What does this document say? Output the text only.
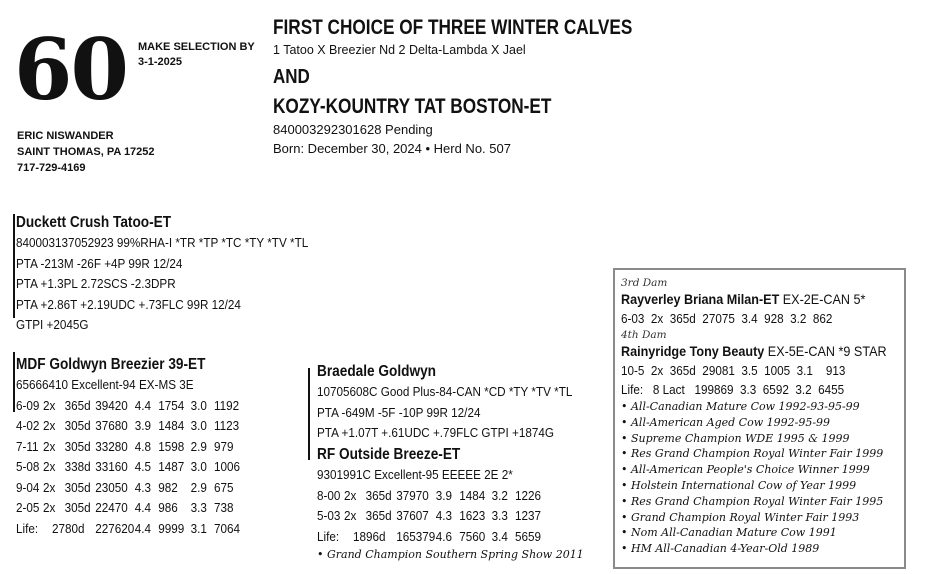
60 MAKE SELECTION BY
3-1-2025
ERIC NISWANDER
SAINT THOMAS, PA 17252
717-729-4169
FIRST CHOICE OF THREE WINTER CALVES
1 Tatoo X Breezier Nd 2 Delta-Lambda X Jael
AND
KOZY-KOUNTRY TAT BOSTON-ET
840003292301628 Pending
Born: December 30, 2024 • Herd No. 507
Duckett Crush Tatoo-ET
840003137052923 99%RHA-I *TR *TP *TC *TY *TV *TL
PTA -213M -26F +4P 99R 12/24
PTA +1.3PL 2.72SCS -2.3DPR
PTA +2.86T +2.19UDC +.73FLC 99R 12/24
GTPI +2045G
MDF Goldwyn Breezier 39-ET
65666410 Excellent-94 EX-MS 3E
6-09 2x 365d 39420 4.4 1754 3.0 1192
4-02 2x 305d 37680 3.9 1484 3.0 1123
7-11 2x 305d 33280 4.8 1598 2.9 979
5-08 2x 338d 33160 4.5 1487 3.0 1006
9-04 2x 305d 23050 4.3 982 2.9 675
2-05 2x 305d 22470 4.4 986 3.3 738
Life:	2780d 227620 4.4 9999 3.1 7064
Braedale Goldwyn
10705608C Good Plus-84-CAN *CD *TY *TV *TL
PTA -649M -5F -10P 99R 12/24
PTA +1.07T +.61UDC +.79FLC GTPI +1874G
RF Outside Breeze-ET
9301991C Excellent-95 EEEEE 2E 2*
8-00 2x 365d 37970 3.9 1484 3.2 1226
5-03 2x 365d 37607 4.3 1623 3.3 1237
Life:	1896d 165379 4.6 7560 3.4 5659
• Grand Champion Southern Spring Show 2011
3rd Dam
Rayverley Briana Milan-ET EX-2E-CAN 5*
6-03  2x  365d  27075  3.4  928  3.2  862
4th Dam
Rainyridge Tony Beauty EX-5E-CAN *9 STAR
10-5  2x  365d  29081  3.5  1005  3.1    913
Life:   8 Lact   199869  3.3  6592  3.2  6455
• All-Canadian Mature Cow 1992-93-95-99
• All-American Aged Cow 1992-95-99
• Supreme Champion WDE 1995 & 1999
• Res Grand Champion Royal Winter Fair 1999
• All-American People's Choice Winner 1999
• Holstein International Cow of Year 1999
• Res Grand Champion Royal Winter Fair 1995
• Grand Champion Royal Winter Fair 1993
• Nom All-Canadian Mature Cow 1991
• HM All-Canadian 4-Year-Old 1989
